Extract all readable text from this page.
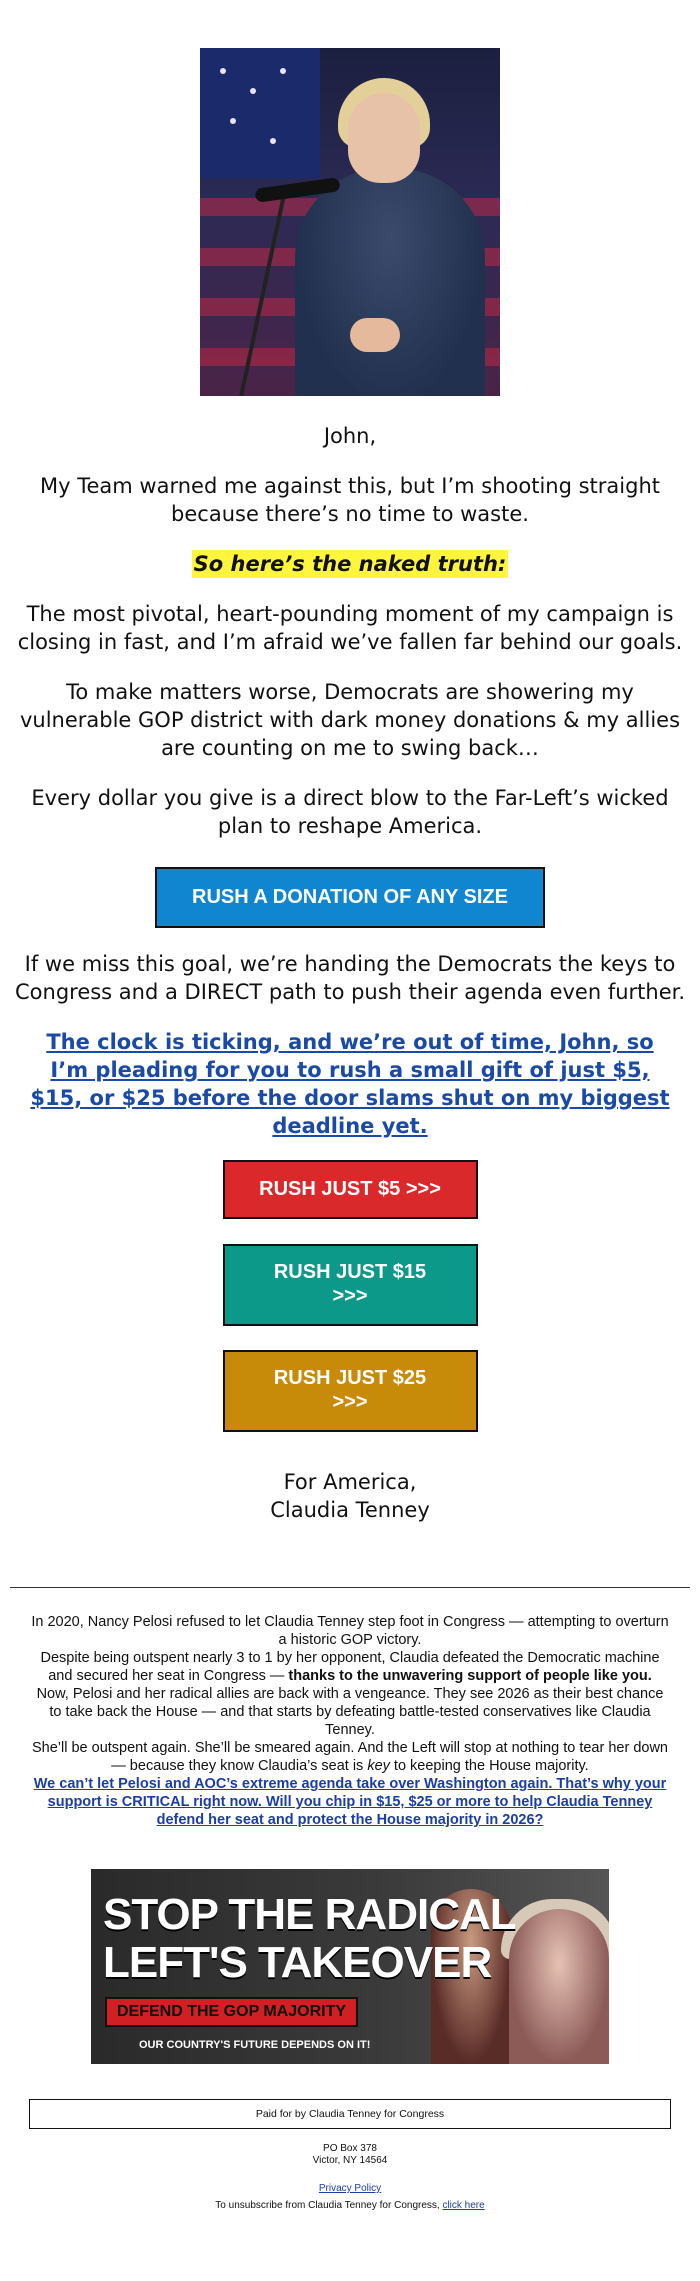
John,

My Team warned me against this, but I’m shooting straight because there’s no time to waste.

So here’s the naked truth:

The most pivotal, heart-pounding moment of my campaign is closing in fast, and I’m afraid we’ve fallen far behind our goals.

To make matters worse, Democrats are showering my vulnerable GOP district with dark money donations & my allies are counting on me to swing back…

Every dollar you give is a direct blow to the Far-Left’s wicked plan to reshape America.

RUSH A DONATION OF ANY SIZE

If we miss this goal, we’re handing the Democrats the keys to Congress and a DIRECT path to push their agenda even further.

The clock is ticking, and we’re out of time, John, so I’m pleading for you to rush a small gift of just $5, $15, or $25 before the door slams shut on my biggest deadline yet.
RUSH JUST $5 >>>
RUSH JUST $15
>>>
RUSH JUST $25
>>>
For America,
Claudia Tenney
In 2020, Nancy Pelosi refused to let Claudia Tenney step foot in Congress — attempting to overturn a historic GOP victory.
Despite being outspent nearly 3 to 1 by her opponent, Claudia defeated the Democratic machine and secured her seat in Congress — thanks to the unwavering support of people like you.
Now, Pelosi and her radical allies are back with a vengeance. They see 2026 as their best chance to take back the House — and that starts by defeating battle-tested conservatives like Claudia Tenney.
She’ll be outspent again. She’ll be smeared again. And the Left will stop at nothing to tear her down — because they know Claudia’s seat is key to keeping the House majority.
We can’t let Pelosi and AOC’s extreme agenda take over Washington again. That’s why your support is CRITICAL right now. Will you chip in $15, $25 or more to help Claudia Tenney defend her seat and protect the House majority in 2026?
STOP THE RADICAL
LEFT'S TAKEOVER
DEFEND THE GOP MAJORITY
OUR COUNTRY'S FUTURE DEPENDS ON IT!
Paid for by Claudia Tenney for Congress
PO Box 378
Victor, NY 14564
Privacy Policy
To unsubscribe from Claudia Tenney for Congress, click here
